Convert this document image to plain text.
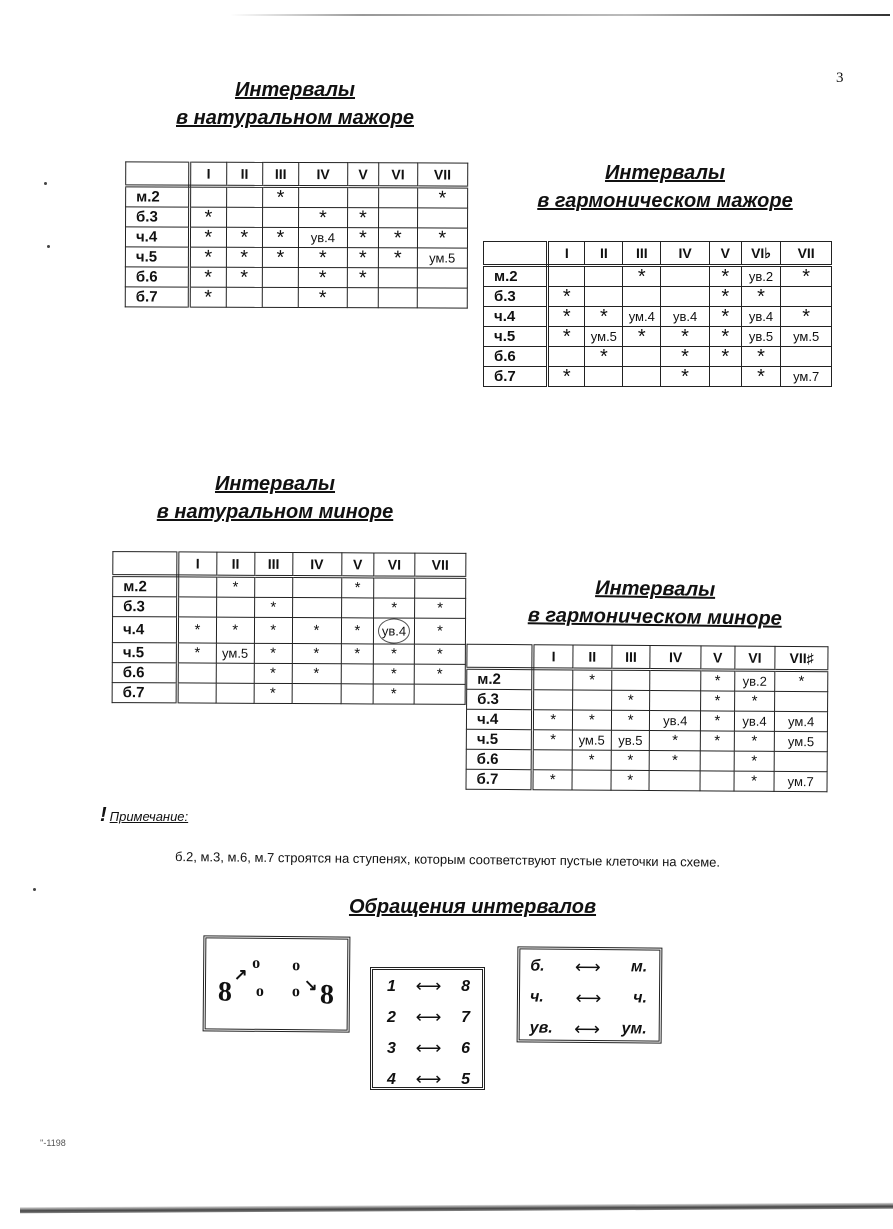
3
Интервалы
в натуральном мажоре
	I	II	III	IV	V	VI	VII
м.2			*				*
б.3	*			*	*		
ч.4	*	*	*	ув.4	*	*	*
ч.5	*	*	*	*	*	*	ум.5
б.6	*	*		*	*		
б.7	*			*			
Интервалы
в гармоническом мажоре
	I	II	III	IV	V	VI♭	VII
м.2			*		*	ув.2	*
б.3	*				*	*	
ч.4	*	*	ум.4	ув.4	*	ув.4	*
ч.5	*	ум.5	*	*	*	ув.5	ум.5
б.6		*		*	*	*	
б.7	*			*		*	ум.7
Интервалы
в натуральном миноре
	I	II	III	IV	V	VI	VII
м.2		*			*		
б.3			*			*	*
ч.4	*	*	*	*	*	ув.4	*
ч.5	*	ум.5	*	*	*	*	*
б.6			*	*		*	*
б.7			*			*	
Интервалы
в гармоническом миноре
	I	II	III	IV	V	VI	VII♯
м.2		*			*	ув.2	*
б.3			*		*	*	
ч.4	*	*	*	ув.4	*	ув.4	ум.4
ч.5	*	ум.5	ув.5	*	*	*	ум.5
б.6		*	*	*		*	
б.7	*		*			*	ум.7
! Примечание:
б.2, м.3, м.6, м.7 строятся на ступенях, которым соответствуют пустые клеточки на схеме.
Обращения интервалов
o o
8
↗
o o ↘ 8	1 ⟷ 8
2 ⟷ 7
3 ⟷ 6
4 ⟷ 5
б. ⟷ м.
ч. ⟷ ч.
ув. ⟷ ум.
''-1198
